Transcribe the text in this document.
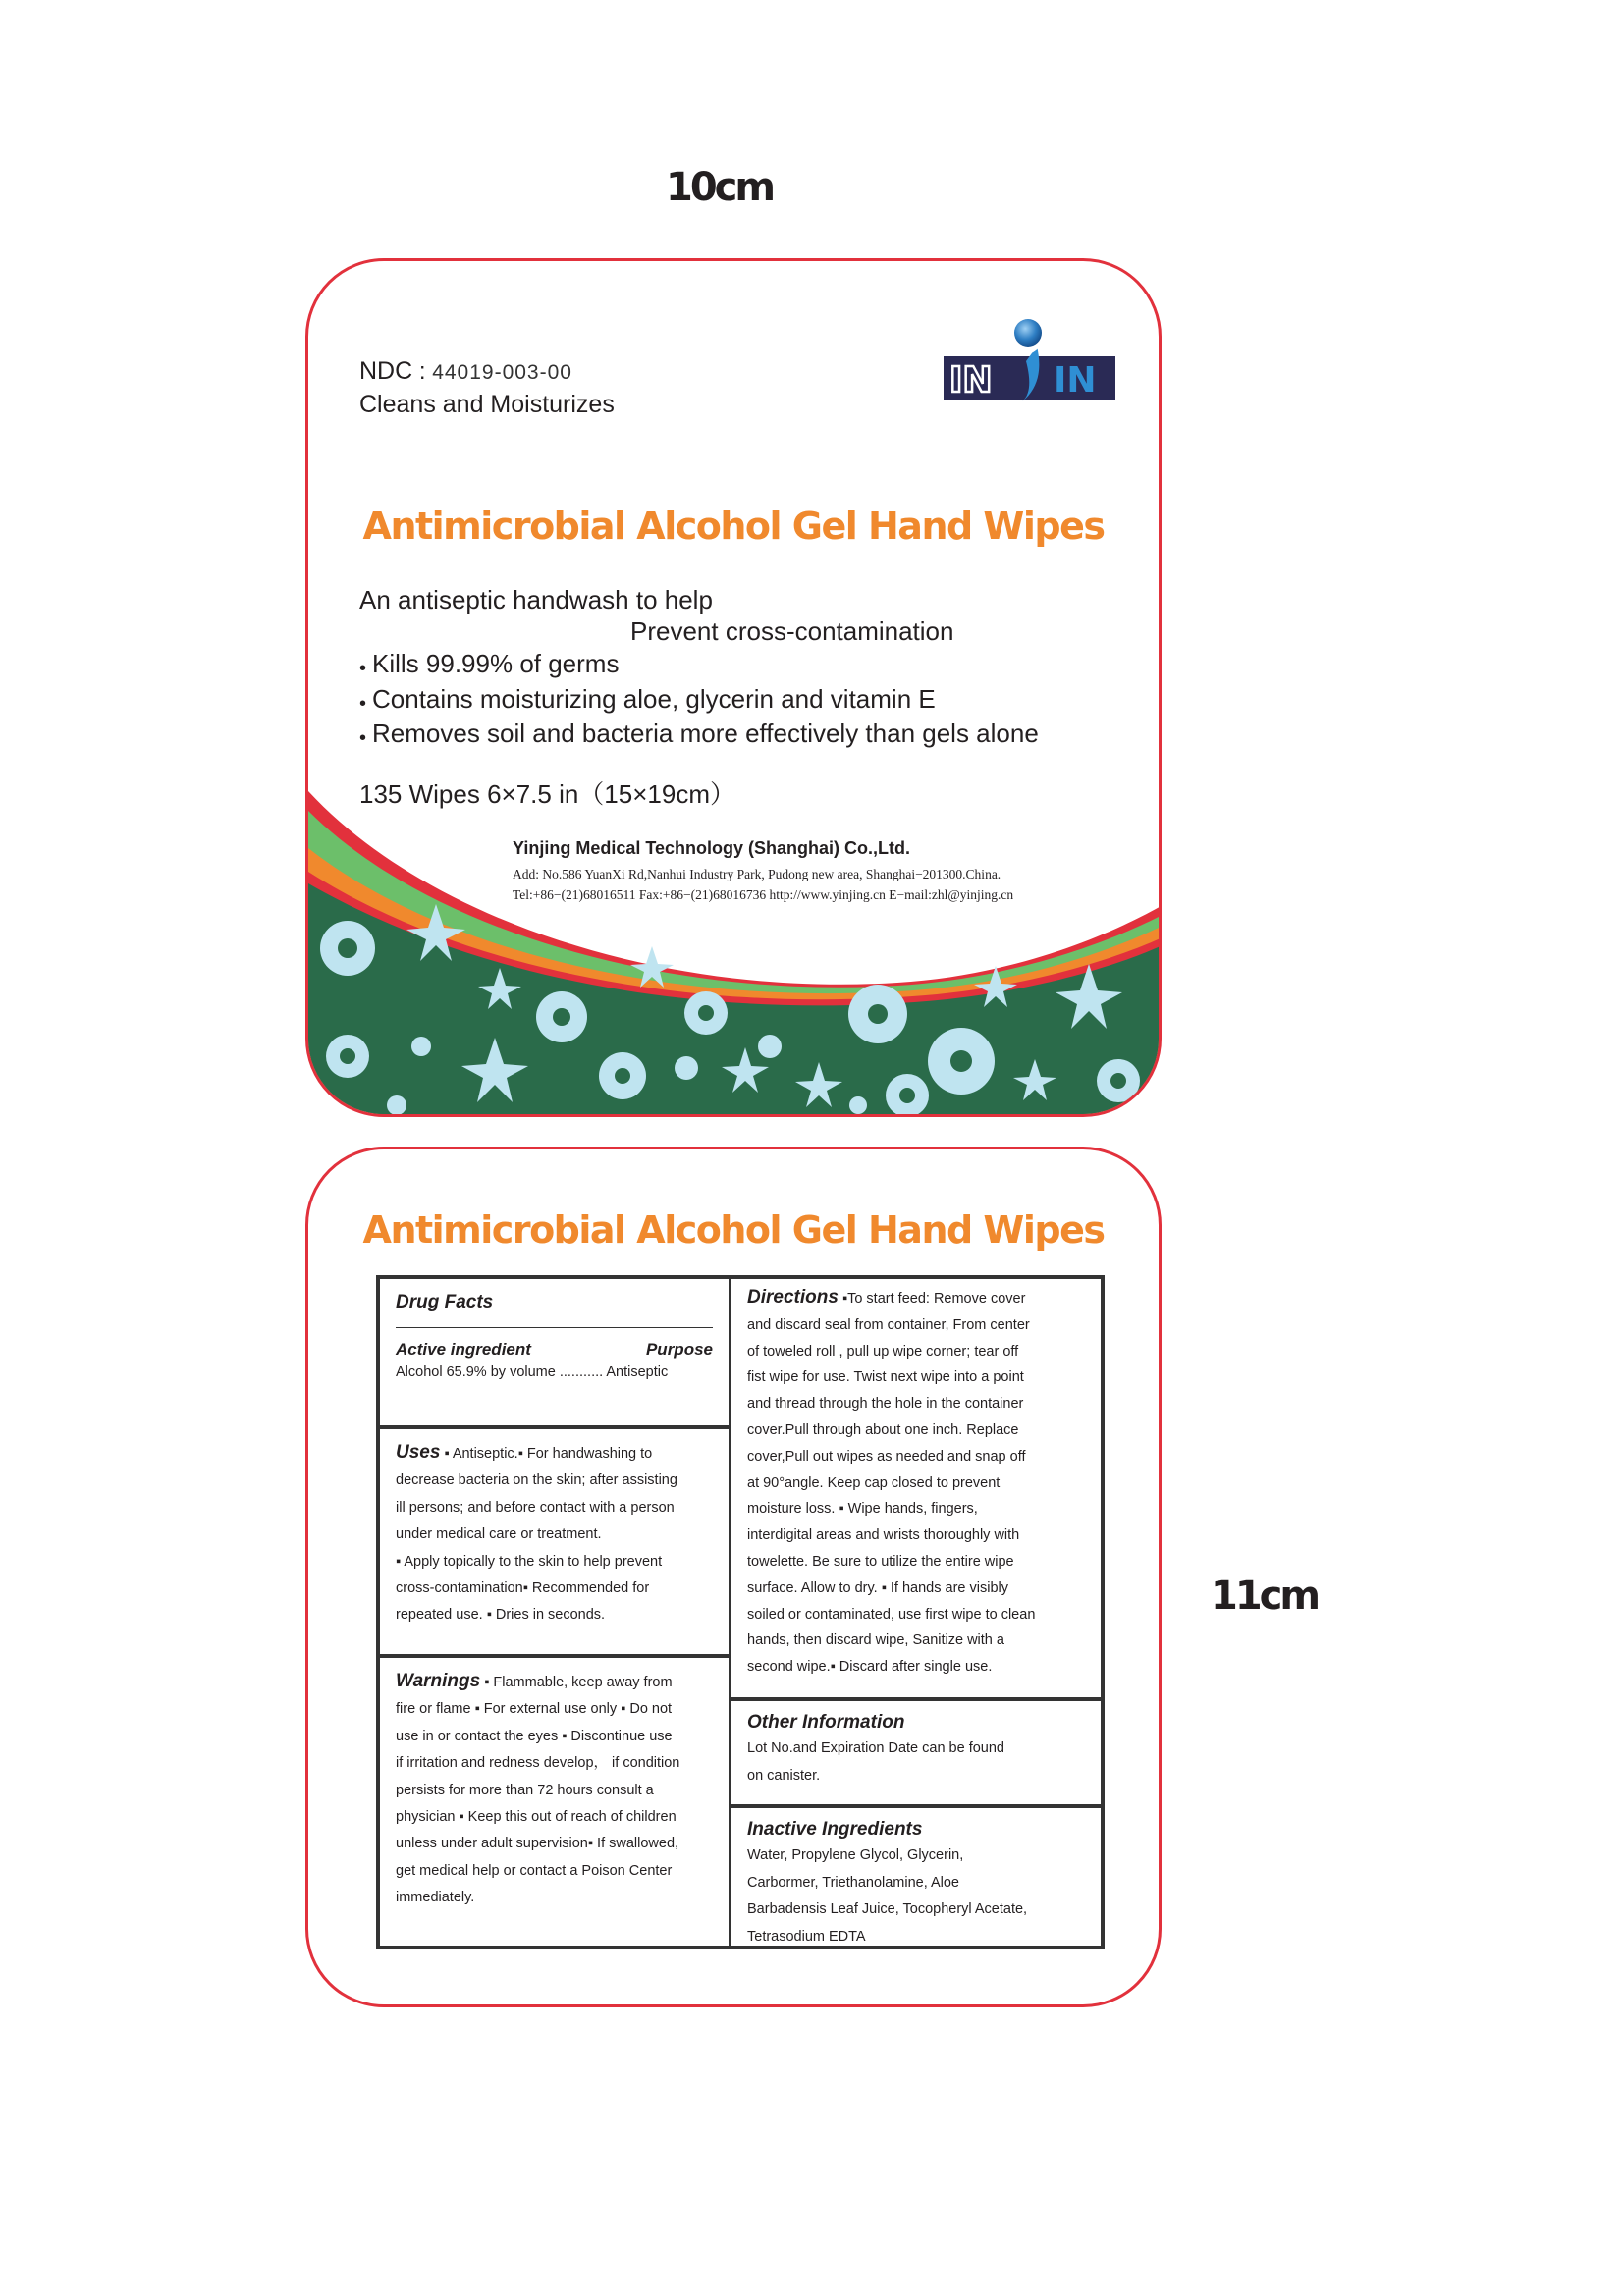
10cm
11cm
NDC : 44019-003-00
Cleans and Moisturizes
IN IN
Antimicrobial Alcohol Gel Hand Wipes
An antiseptic handwash to help
Prevent cross-contamination
• Kills 99.99% of germs
• Contains moisturizing aloe, glycerin and vitamin E
• Removes soil and bacteria more effectively than gels alone
135 Wipes 6×7.5 in（15×19cm）
Yinjing Medical Technology (Shanghai) Co.,Ltd.
Add: No.586 YuanXi Rd,Nanhui Industry Park, Pudong new area, Shanghai−201300.China.
Tel:+86−(21)68016511 Fax:+86−(21)68016736 http://www.yinjing.cn E−mail:zhl@yinjing.cn
Antimicrobial Alcohol Gel Hand Wipes
Drug Facts
Active ingredient	Purpose
Alcohol 65.9% by volume ........... Antiseptic
Uses ▪ Antiseptic.▪ For handwashing to
decrease bacteria on the skin; after assisting
ill persons; and before contact with a person
under medical care or treatment.
▪ Apply topically to the skin to help prevent
cross-contamination▪ Recommended for
repeated use. ▪ Dries in seconds.
Warnings ▪ Flammable, keep away from
fire or flame ▪ For external use only ▪ Do not
use in or contact the eyes ▪ Discontinue use
if irritation and redness develop， if condition
persists for more than 72 hours consult a
physician ▪ Keep this out of reach of children
unless under adult supervision▪ If swallowed,
get medical help or contact a Poison Center
immediately.
Directions ▪To start feed: Remove cover
and discard seal from container, From center
of toweled roll , pull up wipe corner; tear off
fist wipe for use. Twist next wipe into a point
and thread through the hole in the container
cover.Pull through about one inch. Replace
cover,Pull out wipes as needed and snap off
at 90°angle. Keep cap closed to prevent
moisture loss. ▪ Wipe hands, fingers,
interdigital areas and wrists thoroughly with
towelette. Be sure to utilize the entire wipe
surface. Allow to dry. ▪ If hands are visibly
soiled or contaminated, use first wipe to clean
hands, then discard wipe, Sanitize with a
second wipe.▪ Discard after single use.
Other Information
Lot No.and Expiration Date can be found
on canister.
Inactive Ingredients
Water, Propylene Glycol, Glycerin,
Carbormer, Triethanolamine, Aloe
Barbadensis Leaf Juice, Tocopheryl Acetate,
Tetrasodium EDTA
